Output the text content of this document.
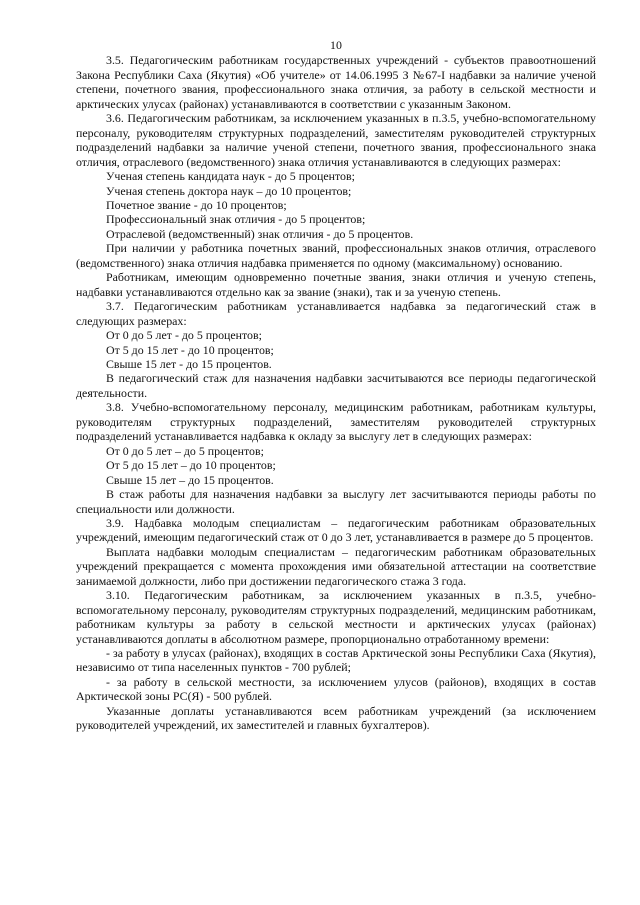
10

3.5. Педагогическим работникам государственных учреждений - субъектов правоотношений Закона Республики Саха (Якутия) «Об учителе» от 14.06.1995 З №67-I надбавки за наличие ученой степени, почетного звания, профессионального знака отличия, за работу в сельской местности и арктических улусах (районах) устанавливаются в соответствии с указанным Законом.

3.6. Педагогическим работникам, за исключением указанных в п.3.5, учебно-вспомогательному персоналу, руководителям структурных подразделений, заместителям руководителей структурных подразделений надбавки за наличие ученой степени, почетного звания, профессионального знака отличия, отраслевого (ведомственного) знака отличия устанавливаются в следующих размерах:

Ученая степень кандидата наук - до 5 процентов;

Ученая степень доктора наук – до 10 процентов;

Почетное звание - до 10 процентов;

Профессиональный знак отличия - до 5 процентов;

Отраслевой (ведомственный) знак отличия - до 5 процентов.

При наличии у работника почетных званий, профессиональных знаков отличия, отраслевого (ведомственного) знака отличия надбавка применяется по одному (максимальному) основанию.

Работникам, имеющим одновременно почетные звания, знаки отличия и ученую степень, надбавки устанавливаются отдельно как за звание (знаки), так и за ученую степень.

3.7. Педагогическим работникам устанавливается надбавка за педагогический стаж в следующих размерах:

От 0 до 5 лет - до 5 процентов;

От 5 до 15 лет - до 10 процентов;

Свыше 15 лет - до 15 процентов.

В педагогический стаж для назначения надбавки засчитываются все периоды педагогической деятельности.

3.8. Учебно-вспомогательному персоналу, медицинским работникам, работникам культуры, руководителям структурных подразделений, заместителям руководителей структурных подразделений устанавливается надбавка к окладу за выслугу лет в следующих размерах:

От 0 до 5 лет – до 5 процентов;

От 5 до 15 лет – до 10 процентов;

Свыше 15 лет – до 15 процентов.

В стаж работы для назначения надбавки за выслугу лет засчитываются периоды работы по специальности или должности.

3.9. Надбавка молодым специалистам – педагогическим работникам образовательных учреждений, имеющим педагогический стаж от 0 до 3 лет, устанавливается в размере до 5 процентов.

Выплата надбавки молодым специалистам – педагогическим работникам образовательных учреждений прекращается с момента прохождения ими обязательной аттестации на соответствие занимаемой должности, либо при достижении педагогического стажа 3 года.

3.10. Педагогическим работникам, за исключением указанных в п.3.5, учебно-вспомогательному персоналу, руководителям структурных подразделений, медицинским работникам, работникам культуры за работу в сельской местности и арктических улусах (районах) устанавливаются доплаты в абсолютном размере, пропорционально отработанному времени:

- за работу в улусах (районах), входящих в состав Арктической зоны Республики Саха (Якутия), независимо от типа населенных пунктов - 700 рублей;

- за работу в сельской местности, за исключением улусов (районов), входящих в состав Арктической зоны РС(Я) - 500 рублей.

Указанные доплаты устанавливаются всем работникам учреждений (за исключением руководителей учреждений, их заместителей и главных бухгалтеров).
